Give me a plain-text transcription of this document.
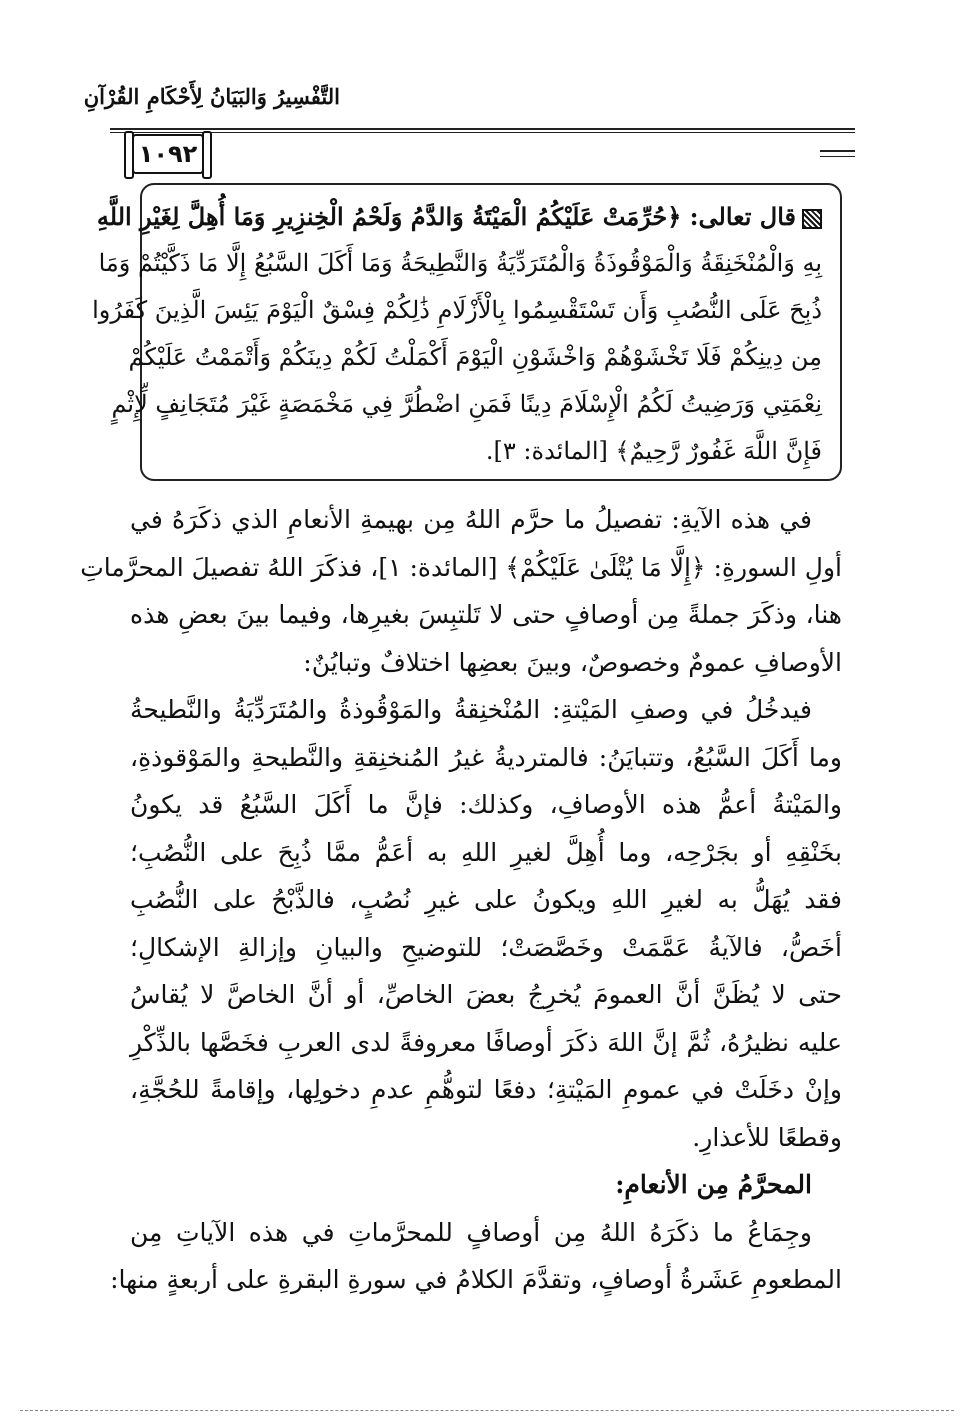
التَّفْسِيرُ وَالبَيَانُ لِأَحْكَامِ القُرْآنِ
١٠٩٢
قال تعالى: ﴿حُرِّمَتْ عَلَيْكُمُ الْمَيْتَةُ وَالدَّمُ وَلَحْمُ الْخِنزِيرِ وَمَا أُهِلَّ لِغَيْرِ اللَّهِ
بِهِ وَالْمُنْخَنِقَةُ وَالْمَوْقُوذَةُ وَالْمُتَرَدِّيَةُ وَالنَّطِيحَةُ وَمَا أَكَلَ السَّبُعُ إِلَّا مَا ذَكَّيْتُمْ وَمَا
ذُبِحَ عَلَى النُّصُبِ وَأَن تَسْتَقْسِمُوا بِالْأَزْلَامِ ذَٰلِكُمْ فِسْقٌ الْيَوْمَ يَئِسَ الَّذِينَ كَفَرُوا
مِن دِينِكُمْ فَلَا تَخْشَوْهُمْ وَاخْشَوْنِ الْيَوْمَ أَكْمَلْتُ لَكُمْ دِينَكُمْ وَأَتْمَمْتُ عَلَيْكُمْ
نِعْمَتِي وَرَضِيتُ لَكُمُ الْإِسْلَامَ دِينًا فَمَنِ اضْطُرَّ فِي مَخْمَصَةٍ غَيْرَ مُتَجَانِفٍ لِّإِثْمٍ
فَإِنَّ اللَّهَ غَفُورٌ رَّحِيمٌ﴾ [المائدة: ٣].
في هذه الآيةِ: تفصيلُ ما حرَّم اللهُ مِن بهيمةِ الأنعامِ الذي ذكَرَهُ في
أولِ السورةِ: ﴿إِلَّا مَا يُتْلَىٰ عَلَيْكُمْ﴾ [المائدة: ١]، فذكَرَ اللهُ تفصيلَ المحرَّماتِ
هنا، وذكَرَ جملةً مِن أوصافٍ حتى لا تَلتبِسَ بغيرِها، وفيما بينَ بعضِ هذه
الأوصافِ عمومٌ وخصوصٌ، وبينَ بعضِها اختلافٌ وتبايُنٌ:
فيدخُلُ في وصفِ المَيْتةِ: المُنْخنِقةُ والمَوْقُوذةُ والمُتَرَدِّيَةُ والنَّطيحةُ
وما أَكَلَ السَّبُعُ، وتتبايَنُ: فالمترديةُ غيرُ المُنخنِقةِ والنَّطيحةِ والمَوْقوذةِ،
والمَيْتةُ أعمُّ هذه الأوصافِ، وكذلك: فإنَّ ما أَكَلَ السَّبُعُ قد يكونُ
بخَنْقِهِ أو بجَرْحِه، وما أُهِلَّ لغيرِ اللهِ به أعَمُّ ممَّا ذُبِحَ على النُّصُبِ؛
فقد يُهَلُّ به لغيرِ اللهِ ويكونُ على غيرِ نُصُبٍ، فالذَّبْحُ على النُّصُبِ
أخَصُّ، فالآيةُ عَمَّمَتْ وخَصَّصَتْ؛ للتوضيحِ والبيانِ وإزالةِ الإشكالِ؛
حتى لا يُظَنَّ أنَّ العمومَ يُخرِجُ بعضَ الخاصِّ، أو أنَّ الخاصَّ لا يُقاسُ
عليه نظيرُهُ، ثُمَّ إنَّ اللهَ ذكَرَ أوصافًا معروفةً لدى العربِ فخَصَّها بالذِّكْرِ
وإنْ دخَلَتْ في عمومِ المَيْتةِ؛ دفعًا لتوهُّمِ عدمِ دخولِها، وإقامةً للحُجَّةِ،
وقطعًا للأعذارِ.
المحرَّمُ مِن الأنعامِ:
وجِمَاعُ ما ذكَرَهُ اللهُ مِن أوصافٍ للمحرَّماتِ في هذه الآياتِ مِن
المطعومِ عَشَرةُ أوصافٍ، وتقدَّمَ الكلامُ في سورةِ البقرةِ على أربعةٍ منها:
